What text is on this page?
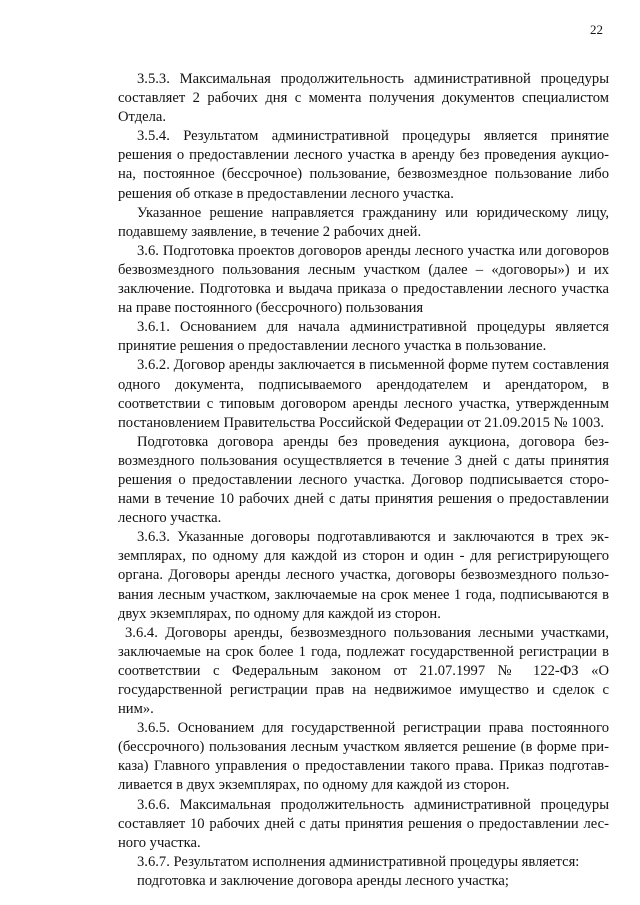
22

3.5.3. Максимальная продолжительность административной процедуры составляет 2 рабочих дня с момента получения документов специалистом Отдела.

3.5.4. Результатом административной процедуры является принятие решения о предоставлении лесного участка в аренду без проведения аукциона, постоянное (бессрочное) пользование, безвозмездное пользование либо решения об отказе в предоставлении лесного участка.

Указанное решение направляется гражданину или юридическому лицу, подавшему заявление, в течение 2 рабочих дней.

3.6. Подготовка проектов договоров аренды лесного участка или договоров безвозмездного пользования лесным участком (далее – «договоры») и их заключение. Подготовка и выдача приказа о предоставлении лесного участка на праве постоянного (бессрочного) пользования

3.6.1. Основанием для начала административной процедуры является принятие решения о предоставлении лесного участка в пользование.

3.6.2. Договор аренды заключается в письменной форме путем составления одного документа, подписываемого арендодателем и арендатором, в соответствии с типовым договором аренды лесного участка, утвержденным постановлением Правительства Российской Федерации от 21.09.2015 № 1003.

Подготовка договора аренды без проведения аукциона, договора безвозмездного пользования осуществляется в течение 3 дней с даты принятия решения о предоставлении лесного участка. Договор подписывается сторонами в течение 10 рабочих дней с даты принятия решения о предоставлении лесного участка.

3.6.3. Указанные договоры подготавливаются и заключаются в трех экземплярах, по одному для каждой из сторон и один - для регистрирующего органа. Договоры аренды лесного участка, договоры безвозмездного пользования лесным участком, заключаемые на срок менее 1 года, подписываются в двух экземплярах, по одному для каждой из сторон.

3.6.4. Договоры аренды, безвозмездного пользования лесными участками, заключаемые на срок более 1 года, подлежат государственной регистрации в соответствии с Федеральным законом от 21.07.1997 № 122-ФЗ «О государственной регистрации прав на недвижимое имущество и сделок с ним».

3.6.5. Основанием для государственной регистрации права постоянного (бессрочного) пользования лесным участком является решение (в форме приказа) Главного управления о предоставлении такого права. Приказ подготавливается в двух экземплярах, по одному для каждой из сторон.

3.6.6. Максимальная продолжительность административной процедуры составляет 10 рабочих дней с даты принятия решения о предоставлении лесного участка.

3.6.7. Результатом исполнения административной процедуры является:

подготовка и заключение договора аренды лесного участка;
